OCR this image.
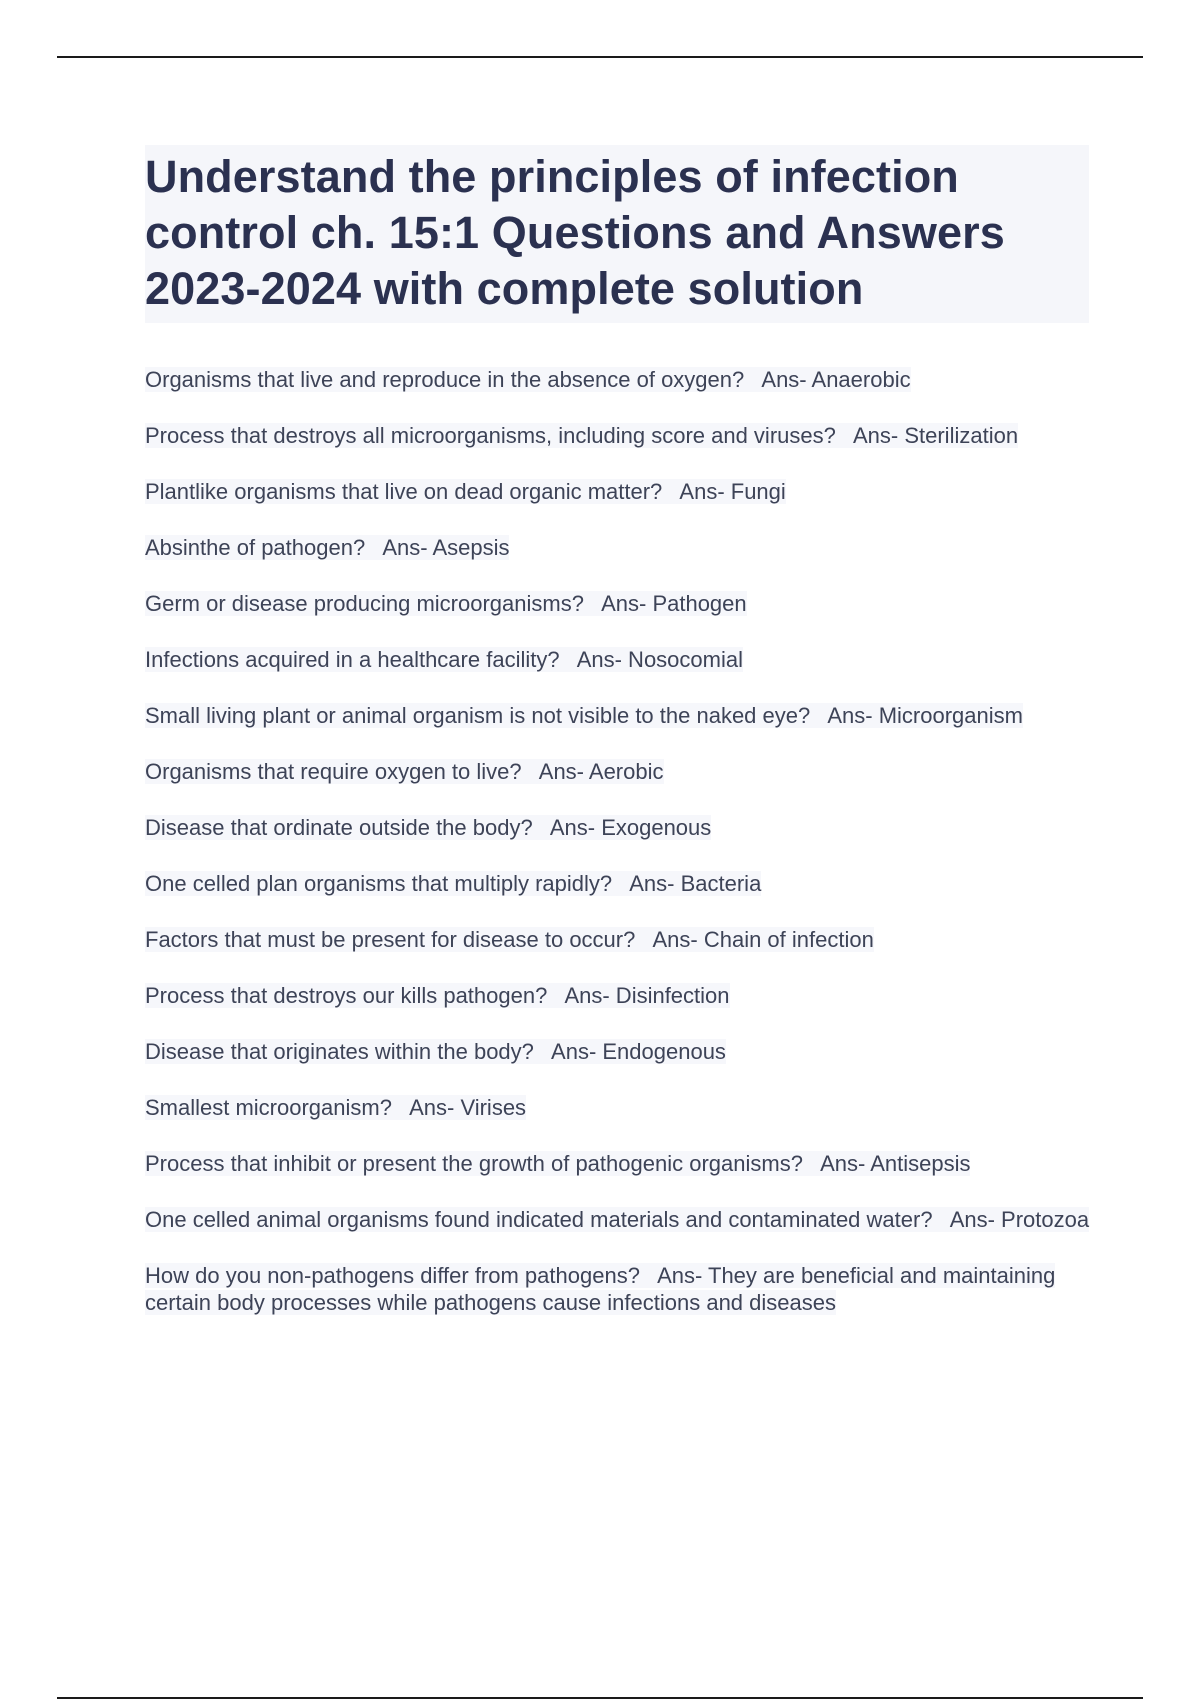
Understand the principles of infection control ch. 15:1 Questions and Answers 2023-2024 with complete solution
Organisms that live and reproduce in the absence of oxygen? Ans- Anaerobic
Process that destroys all microorganisms, including score and viruses? Ans- Sterilization
Plantlike organisms that live on dead organic matter? Ans- Fungi
Absinthe of pathogen? Ans- Asepsis
Germ or disease producing microorganisms? Ans- Pathogen
Infections acquired in a healthcare facility? Ans- Nosocomial
Small living plant or animal organism is not visible to the naked eye? Ans- Microorganism
Organisms that require oxygen to live? Ans- Aerobic
Disease that ordinate outside the body? Ans- Exogenous
One celled plan organisms that multiply rapidly? Ans- Bacteria
Factors that must be present for disease to occur? Ans- Chain of infection
Process that destroys our kills pathogen? Ans- Disinfection
Disease that originates within the body? Ans- Endogenous
Smallest microorganism? Ans- Virises
Process that inhibit or present the growth of pathogenic organisms? Ans- Antisepsis
One celled animal organisms found indicated materials and contaminated water? Ans- Protozoa
How do you non-pathogens differ from pathogens? Ans- They are beneficial and maintaining certain body processes while pathogens cause infections and diseases
